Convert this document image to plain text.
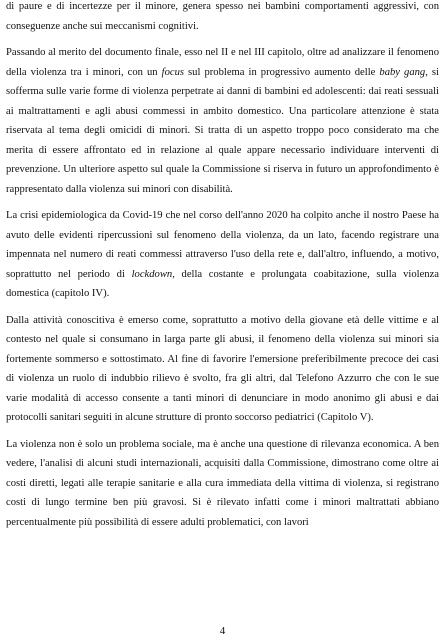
di paure e di incertezze per il minore, genera spesso nei bambini comportamenti aggressivi, con conseguenze anche sui meccanismi cognitivi.

Passando al merito del documento finale, esso nel II e nel III capitolo, oltre ad analizzare il fenomeno della violenza tra i minori, con un focus sul problema in progressivo aumento delle baby gang, si sofferma sulle varie forme di violenza perpetrate ai danni di bambini ed adolescenti: dai reati sessuali ai maltrattamenti e agli abusi commessi in ambito domestico. Una particolare attenzione è stata riservata al tema degli omicidi di minori. Si tratta di un aspetto troppo poco considerato ma che merita di essere affrontato ed in relazione al quale appare necessario individuare interventi di prevenzione. Un ulteriore aspetto sul quale la Commissione si riserva in futuro un approfondimento è rappresentato dalla violenza sui minori con disabilità.

La crisi epidemiologica da Covid-19 che nel corso dell'anno 2020 ha colpito anche il nostro Paese ha avuto delle evidenti ripercussioni sul fenomeno della violenza, da un lato, facendo registrare una impennata nel numero di reati commessi attraverso l'uso della rete e, dall'altro, influendo, a motivo, soprattutto nel periodo di lockdown, della costante e prolungata coabitazione, sulla violenza domestica (capitolo IV).

Dalla attività conoscitiva è emerso come, soprattutto a motivo della giovane età delle vittime e al contesto nel quale si consumano in larga parte gli abusi, il fenomeno della violenza sui minori sia fortemente sommerso e sottostimato. Al fine di favorire l'emersione preferibilmente precoce dei casi di violenza un ruolo di indubbio rilievo è svolto, fra gli altri, dal Telefono Azzurro che con le sue varie modalità di accesso consente a tanti minori di denunciare in modo anonimo gli abusi e dai protocolli sanitari seguiti in alcune strutture di pronto soccorso pediatrici (Capitolo V).

La violenza non è solo un problema sociale, ma è anche una questione di rilevanza economica. A ben vedere, l'analisi di alcuni studi internazionali, acquisiti dalla Commissione, dimostrano come oltre ai costi diretti, legati alle terapie sanitarie e alla cura immediata della vittima di violenza, si registrano costi di lungo termine ben più gravosi. Si è rilevato infatti come i minori maltrattati abbiano percentualmente più possibilità di essere adulti problematici, con lavori

4
